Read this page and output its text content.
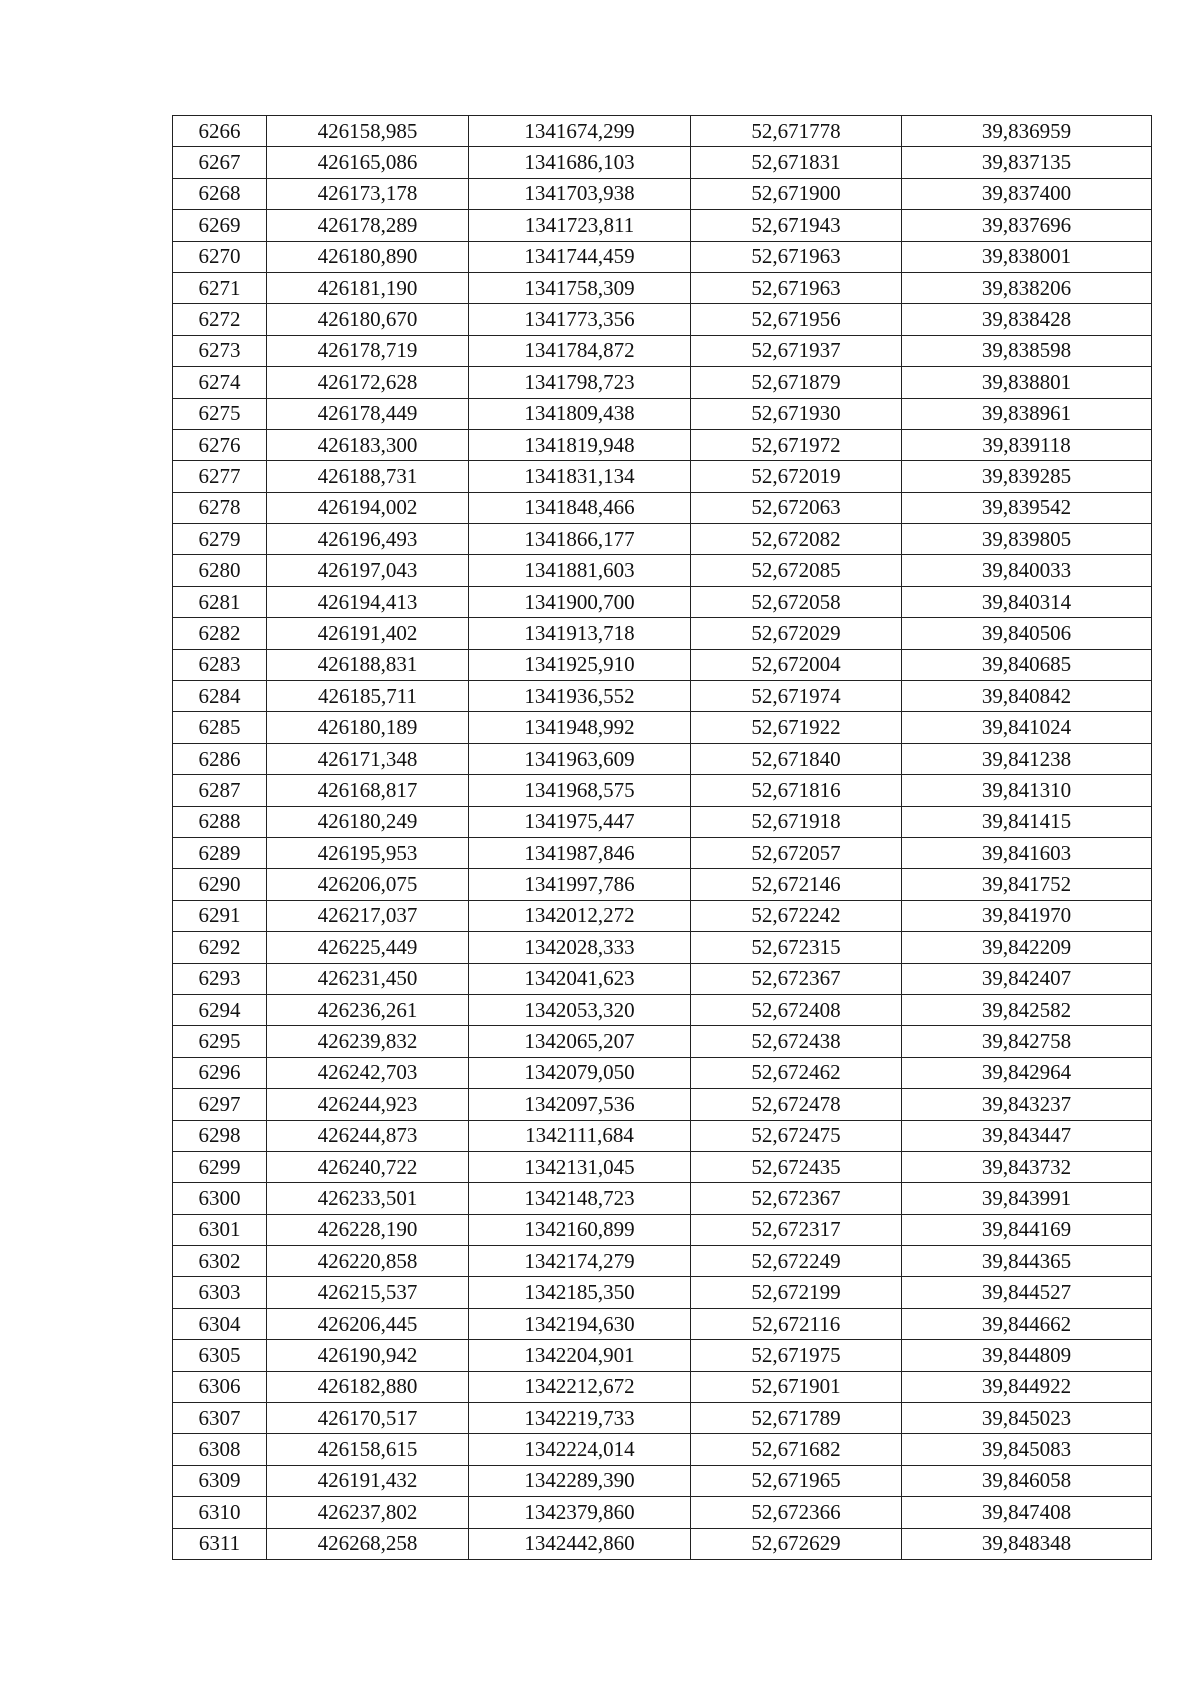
6266	426158,985	1341674,299	52,671778	39,836959
6267	426165,086	1341686,103	52,671831	39,837135
6268	426173,178	1341703,938	52,671900	39,837400
6269	426178,289	1341723,811	52,671943	39,837696
6270	426180,890	1341744,459	52,671963	39,838001
6271	426181,190	1341758,309	52,671963	39,838206
6272	426180,670	1341773,356	52,671956	39,838428
6273	426178,719	1341784,872	52,671937	39,838598
6274	426172,628	1341798,723	52,671879	39,838801
6275	426178,449	1341809,438	52,671930	39,838961
6276	426183,300	1341819,948	52,671972	39,839118
6277	426188,731	1341831,134	52,672019	39,839285
6278	426194,002	1341848,466	52,672063	39,839542
6279	426196,493	1341866,177	52,672082	39,839805
6280	426197,043	1341881,603	52,672085	39,840033
6281	426194,413	1341900,700	52,672058	39,840314
6282	426191,402	1341913,718	52,672029	39,840506
6283	426188,831	1341925,910	52,672004	39,840685
6284	426185,711	1341936,552	52,671974	39,840842
6285	426180,189	1341948,992	52,671922	39,841024
6286	426171,348	1341963,609	52,671840	39,841238
6287	426168,817	1341968,575	52,671816	39,841310
6288	426180,249	1341975,447	52,671918	39,841415
6289	426195,953	1341987,846	52,672057	39,841603
6290	426206,075	1341997,786	52,672146	39,841752
6291	426217,037	1342012,272	52,672242	39,841970
6292	426225,449	1342028,333	52,672315	39,842209
6293	426231,450	1342041,623	52,672367	39,842407
6294	426236,261	1342053,320	52,672408	39,842582
6295	426239,832	1342065,207	52,672438	39,842758
6296	426242,703	1342079,050	52,672462	39,842964
6297	426244,923	1342097,536	52,672478	39,843237
6298	426244,873	1342111,684	52,672475	39,843447
6299	426240,722	1342131,045	52,672435	39,843732
6300	426233,501	1342148,723	52,672367	39,843991
6301	426228,190	1342160,899	52,672317	39,844169
6302	426220,858	1342174,279	52,672249	39,844365
6303	426215,537	1342185,350	52,672199	39,844527
6304	426206,445	1342194,630	52,672116	39,844662
6305	426190,942	1342204,901	52,671975	39,844809
6306	426182,880	1342212,672	52,671901	39,844922
6307	426170,517	1342219,733	52,671789	39,845023
6308	426158,615	1342224,014	52,671682	39,845083
6309	426191,432	1342289,390	52,671965	39,846058
6310	426237,802	1342379,860	52,672366	39,847408
6311	426268,258	1342442,860	52,672629	39,848348
